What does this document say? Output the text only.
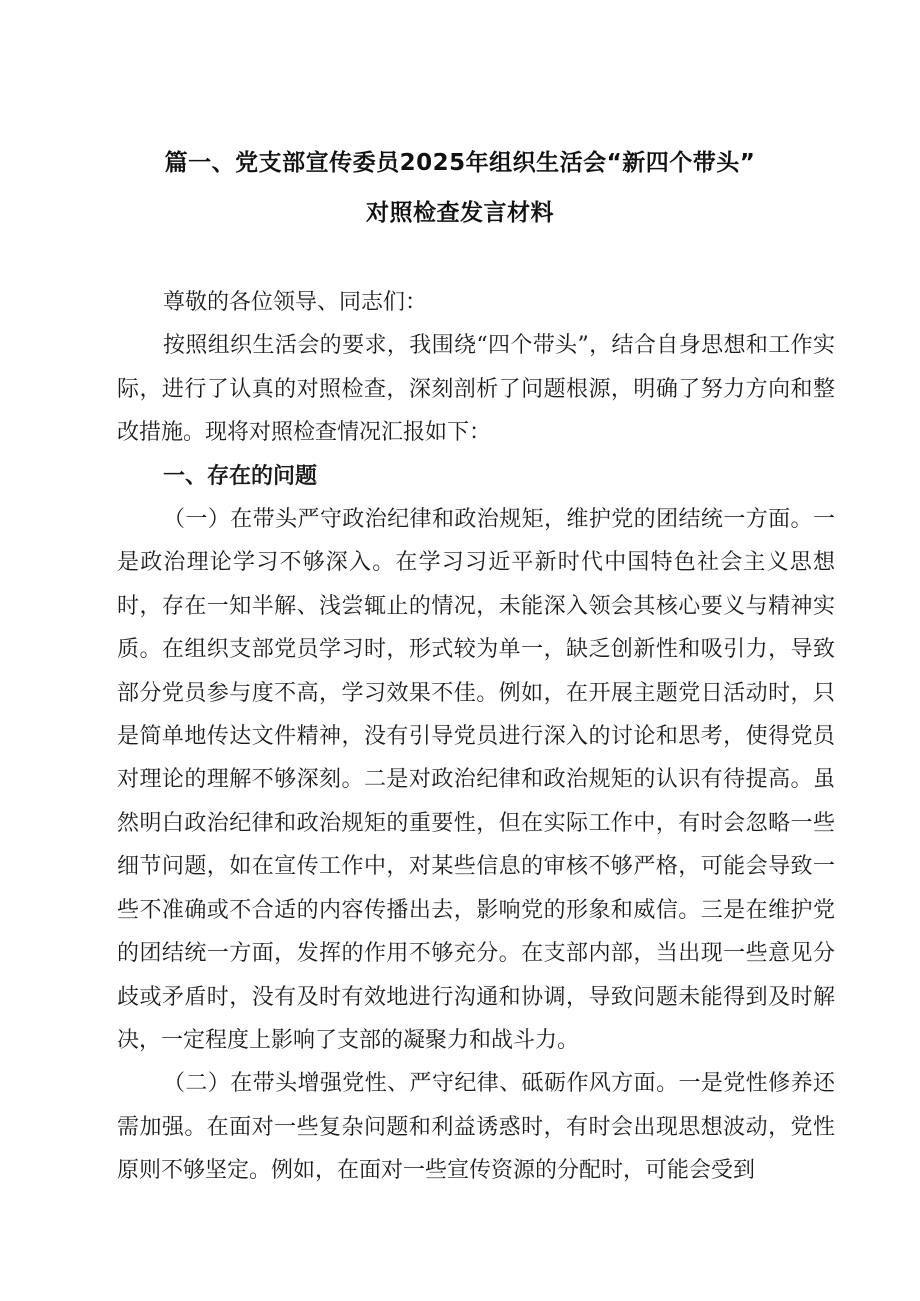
篇一、党支部宣传委员2025年组织生活会“新四个带头”
对照检查发言材料

尊敬的各位领导、同志们：

按照组织生活会的要求，我围绕“四个带头”，结合自身思想和工作实际，进行了认真的对照检查，深刻剖析了问题根源，明确了努力方向和整改措施。现将对照检查情况汇报如下：

一、存在的问题

（一）在带头严守政治纪律和政治规矩，维护党的团结统一方面。一是政治理论学习不够深入。在学习习近平新时代中国特色社会主义思想时，存在一知半解、浅尝辄止的情况，未能深入领会其核心要义与精神实质。在组织支部党员学习时，形式较为单一，缺乏创新性和吸引力，导致部分党员参与度不高，学习效果不佳。例如，在开展主题党日活动时，只是简单地传达文件精神，没有引导党员进行深入的讨论和思考，使得党员对理论的理解不够深刻。二是对政治纪律和政治规矩的认识有待提高。虽然明白政治纪律和政治规矩的重要性，但在实际工作中，有时会忽略一些细节问题，如在宣传工作中，对某些信息的审核不够严格，可能会导致一些不准确或不合适的内容传播出去，影响党的形象和威信。三是在维护党的团结统一方面，发挥的作用不够充分。在支部内部，当出现一些意见分歧或矛盾时，没有及时有效地进行沟通和协调，导致问题未能得到及时解决，一定程度上影响了支部的凝聚力和战斗力。

（二）在带头增强党性、严守纪律、砥砺作风方面。一是党性修养还需加强。在面对一些复杂问题和利益诱惑时，有时会出现思想波动，党性原则不够坚定。例如，在面对一些宣传资源的分配时，可能会受到
